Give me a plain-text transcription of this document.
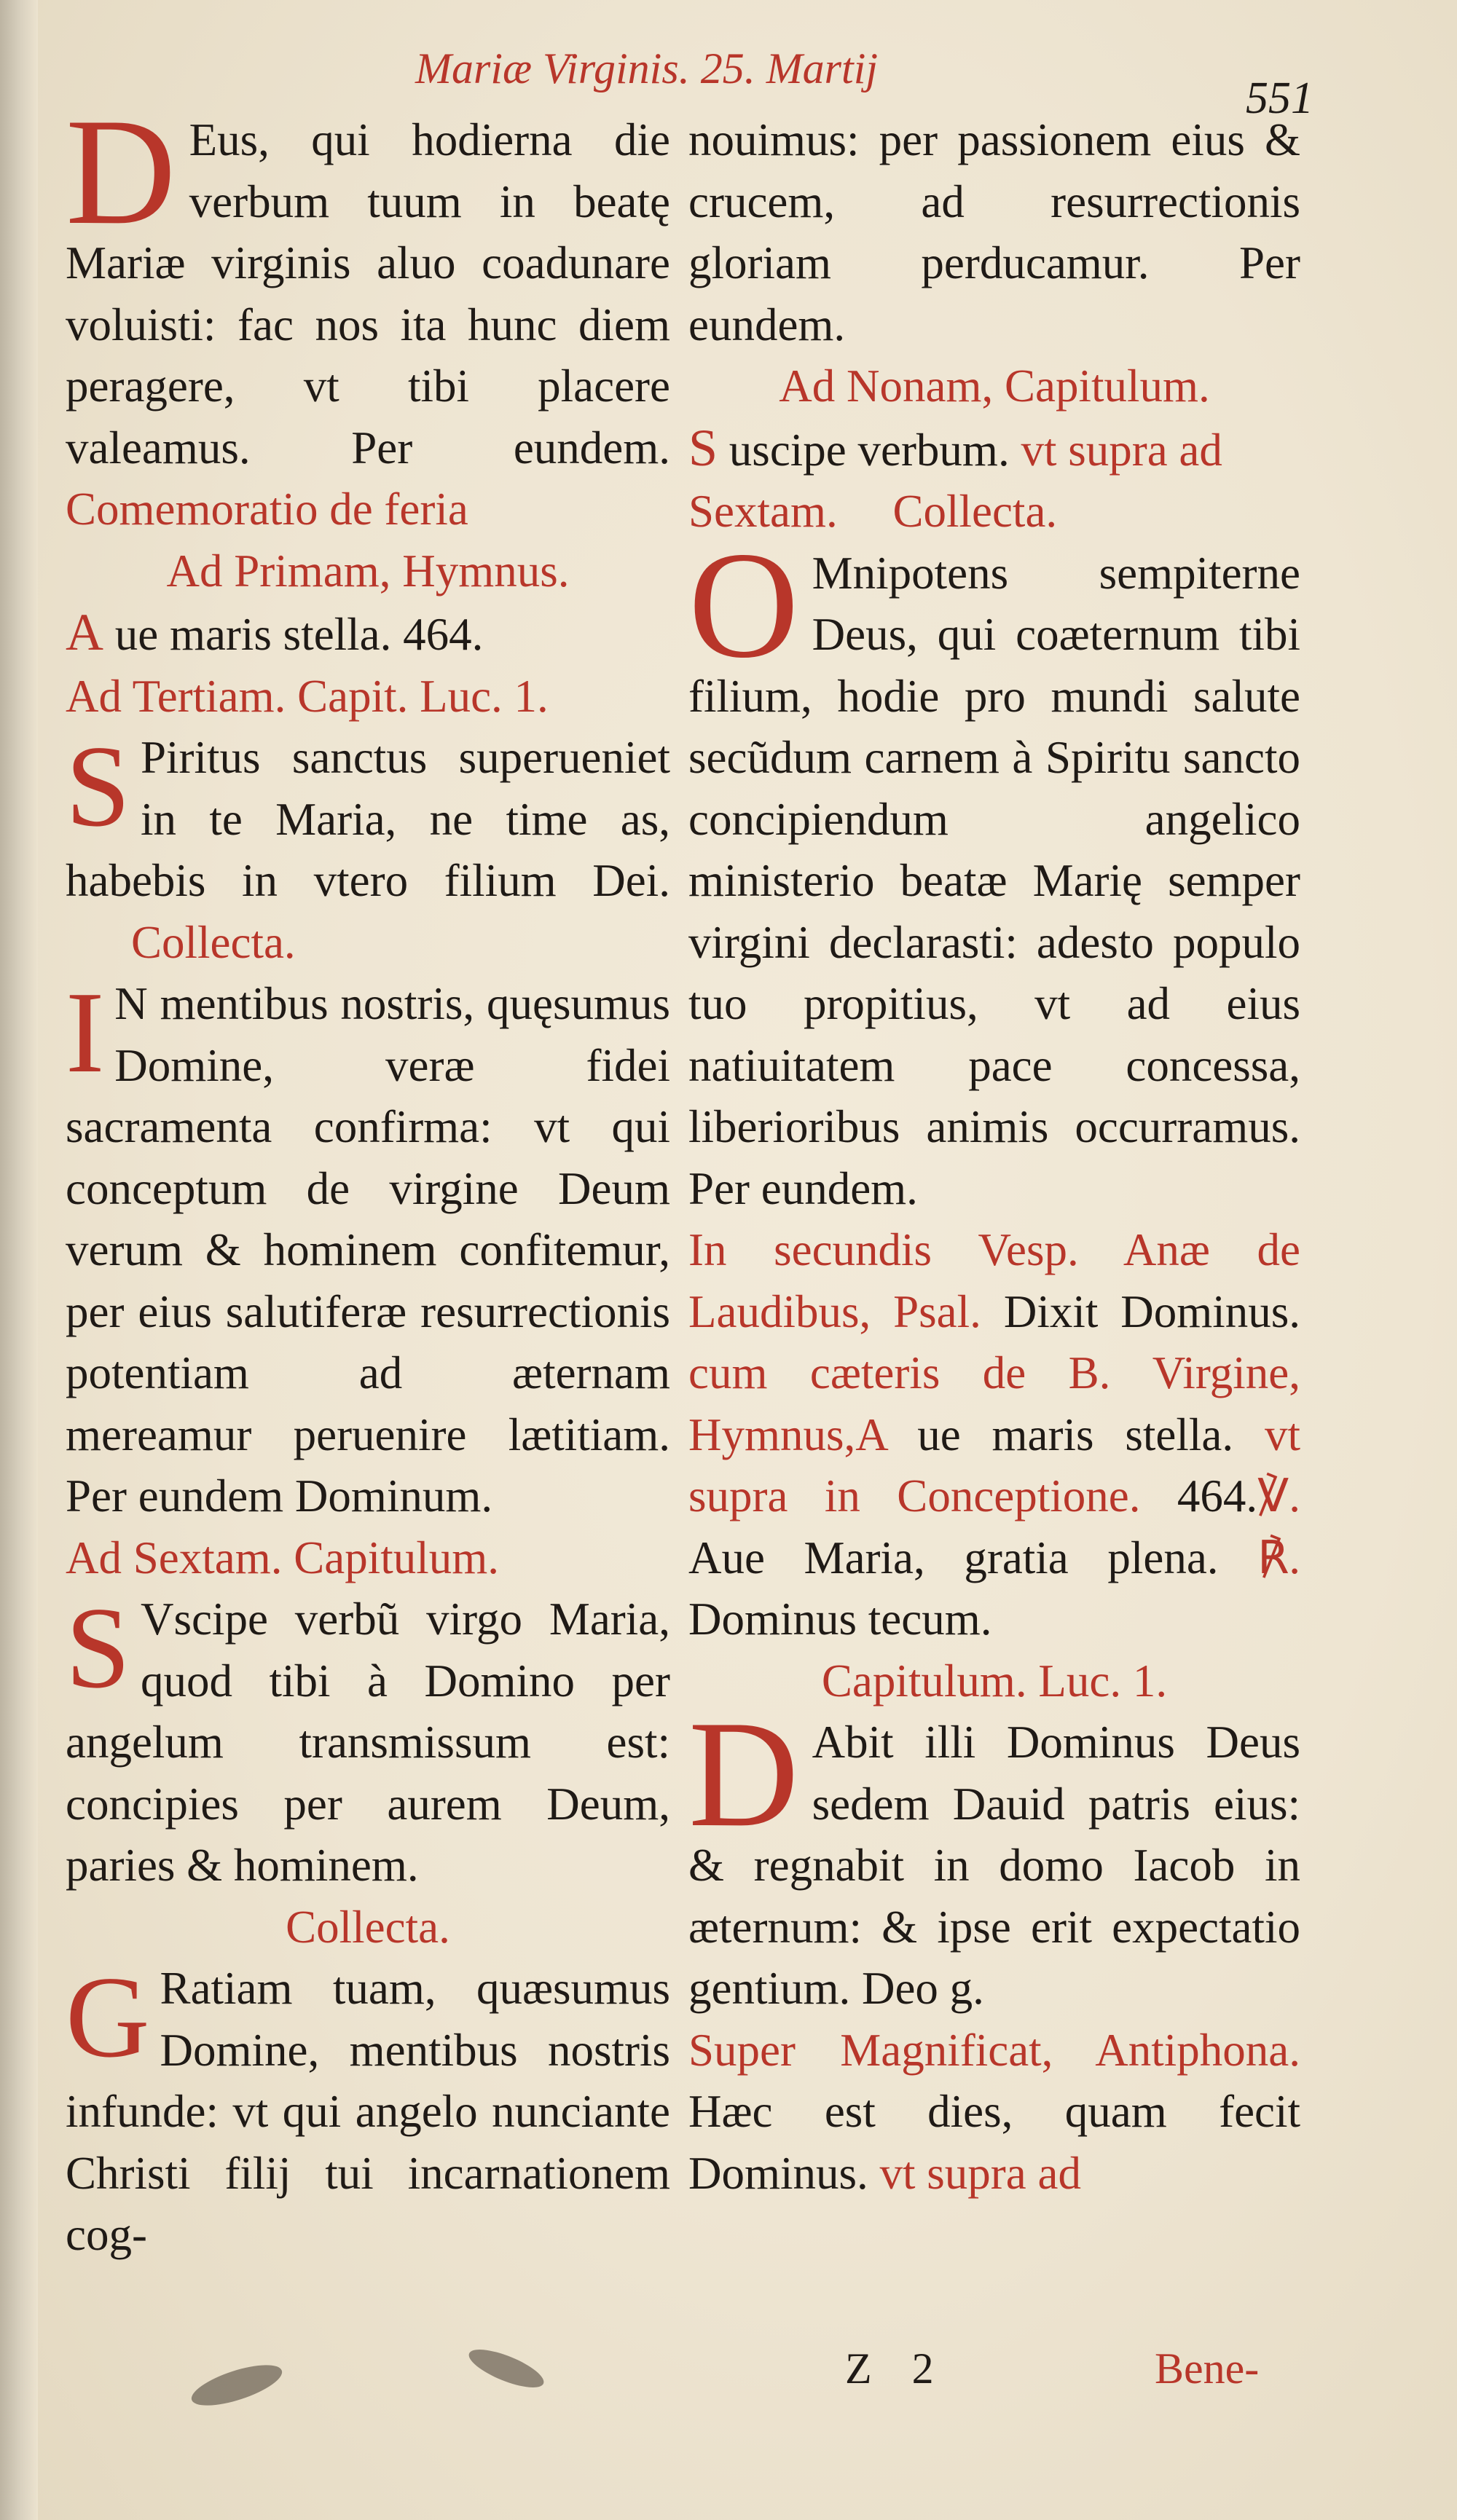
Mariæ Virginis. 25. Martij
551
D Eus, qui hodierna die verbum tuum in beatę Mariæ virginis aluo coadunare voluisti: fac nos ita hunc diem peragere, vt tibi placere valeamus. Per eundem. Comemoratio de feria
Ad Primam, Hymnus.
A ue maris stella. 464.
Ad Tertiam. Capit. Luc. 1.
S Piritus sanctus superueniet in te Maria, ne time as, habebis in vtero filium Dei. Collecta.
I N mentibus nostris, quęsumus Domine, veræ fidei sacramenta confirma: vt qui conceptum de virgine Deum verum & hominem confitemur, per eius salutiferæ resurrectionis potentiam ad æternam mereamur peruenire lætitiam. Per eundem Dominum.
Ad Sextam. Capitulum.
S Vscipe verbũ virgo Maria, quod tibi à Domino per angelum transmissum est: concipies per aurem Deum, paries & hominem.
Collecta.
G Ratiam tuam, quæsumus Domine, mentibus nostris infunde: vt qui angelo nunciante Christi filij tui incarnationem cog-
nouimus: per passionem eius & crucem, ad resurrectionis gloriam perducamur. Per eundem.
Ad Nonam, Capitulum.
S uscipe verbum. vt supra ad Sextam. Collecta.
O Mnipotens sempiterne Deus, qui coæternum tibi filium, hodie pro mundi salute secũdum carnem à Spiritu sancto concipiendum angelico ministerio beatæ Marię semper virgini declarasti: adesto populo tuo propitius, vt ad eius natiuitatem pace concessa, liberioribus animis occurramus. Per eundem.
In secundis Vesp. Anæ de Laudibus, Psal. Dixit Dominus. cum cæteris de B. Virgine, Hymnus,A ue maris stella. vt supra in Conceptione. 464.℣. Aue Maria, gratia plena. ℟. Dominus tecum.
Capitulum. Luc. 1.
D Abit illi Dominus Deus sedem Dauid patris eius: & regnabit in domo Iacob in æternum: & ipse erit expectatio gentium. Deo g.
Super Magnificat, Antiphona. Hæc est dies, quam fecit Dominus. vt supra ad
Z 2	Bene-
